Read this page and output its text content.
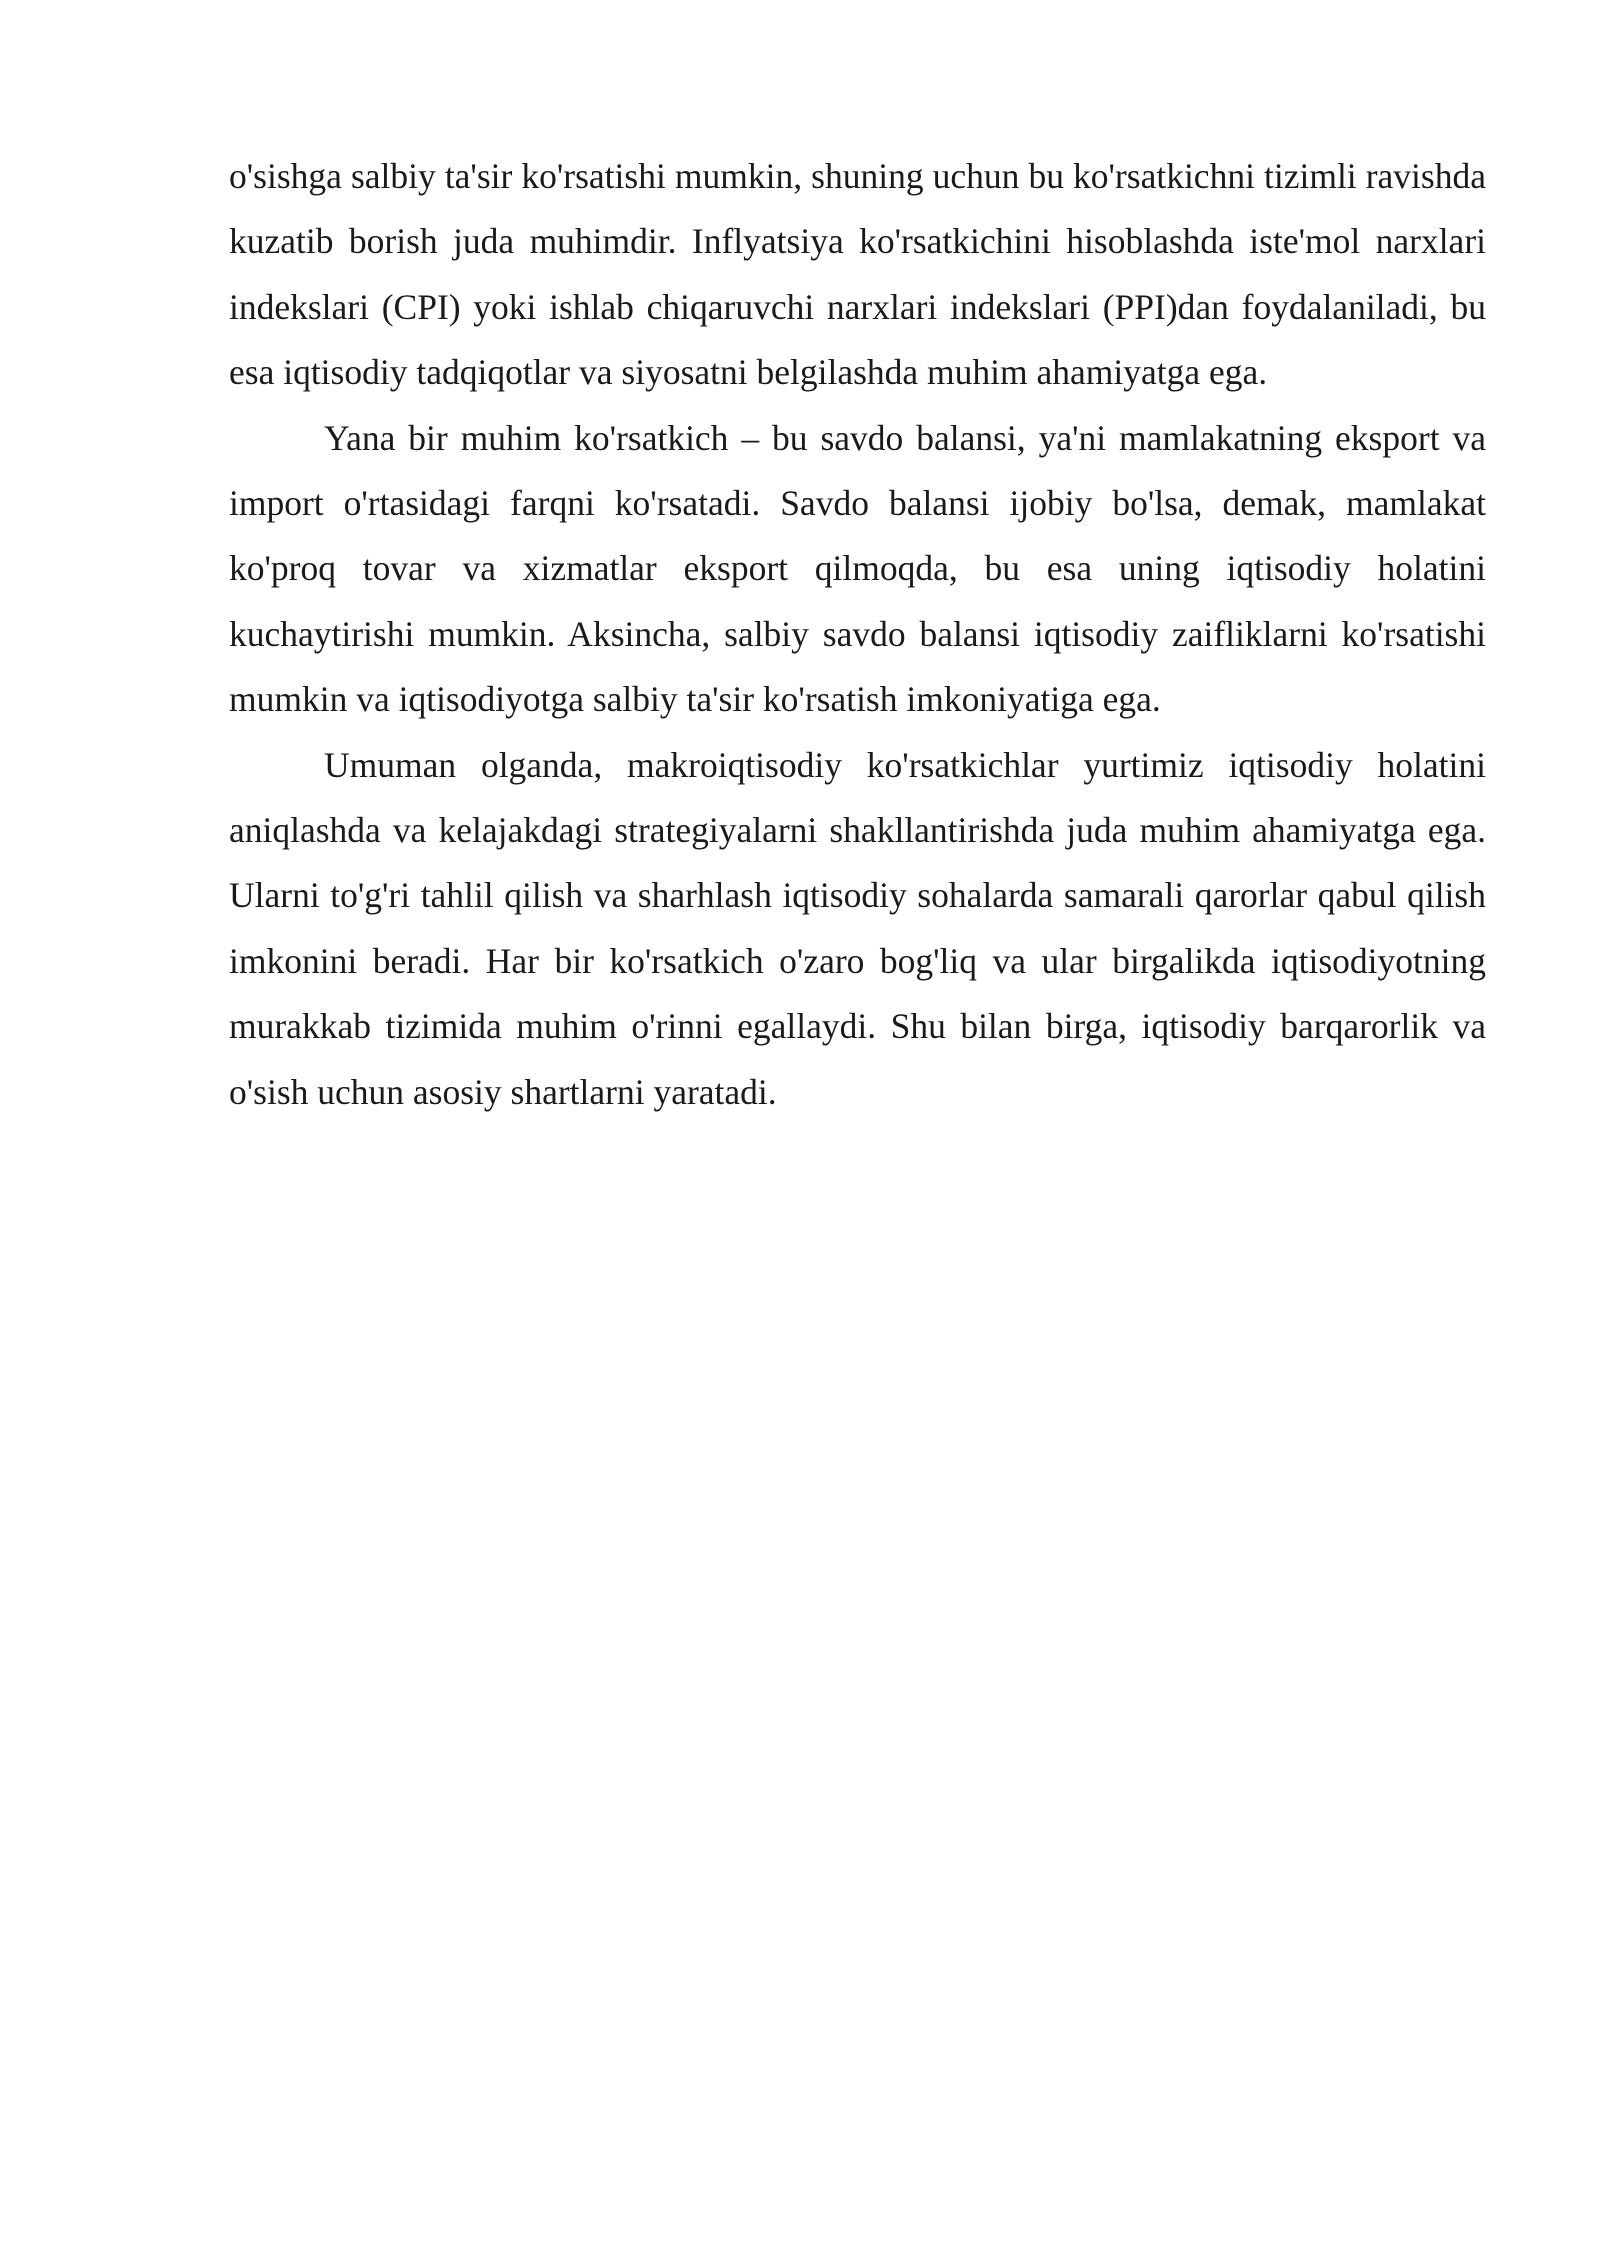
o'sishga salbiy ta'sir ko'rsatishi mumkin, shuning uchun bu ko'rsatkichni tizimli ravishda kuzatib borish juda muhimdir. Inflyatsiya ko'rsatkichini hisoblashda iste'mol narxlari indekslari (CPI) yoki ishlab chiqaruvchi narxlari indekslari (PPI)dan foydalaniladi, bu esa iqtisodiy tadqiqotlar va siyosatni belgilashda muhim ahamiyatga ega.

Yana bir muhim ko'rsatkich – bu savdo balansi, ya'ni mamlakatning eksport va import o'rtasidagi farqni ko'rsatadi. Savdo balansi ijobiy bo'lsa, demak, mamlakat ko'proq tovar va xizmatlar eksport qilmoqda, bu esa uning iqtisodiy holatini kuchaytirishi mumkin. Aksincha, salbiy savdo balansi iqtisodiy zaifliklarni ko'rsatishi mumkin va iqtisodiyotga salbiy ta'sir ko'rsatish imkoniyatiga ega.

Umuman olganda, makroiqtisodiy ko'rsatkichlar yurtimiz iqtisodiy holatini aniqlashda va kelajakdagi strategiyalarni shakllantirishda juda muhim ahamiyatga ega. Ularni to'g'ri tahlil qilish va sharhlash iqtisodiy sohalarda samarali qarorlar qabul qilish imkonini beradi. Har bir ko'rsatkich o'zaro bog'liq va ular birgalikda iqtisodiyotning murakkab tizimida muhim o'rinni egallaydi. Shu bilan birga, iqtisodiy barqarorlik va o'sish uchun asosiy shartlarni yaratadi.
